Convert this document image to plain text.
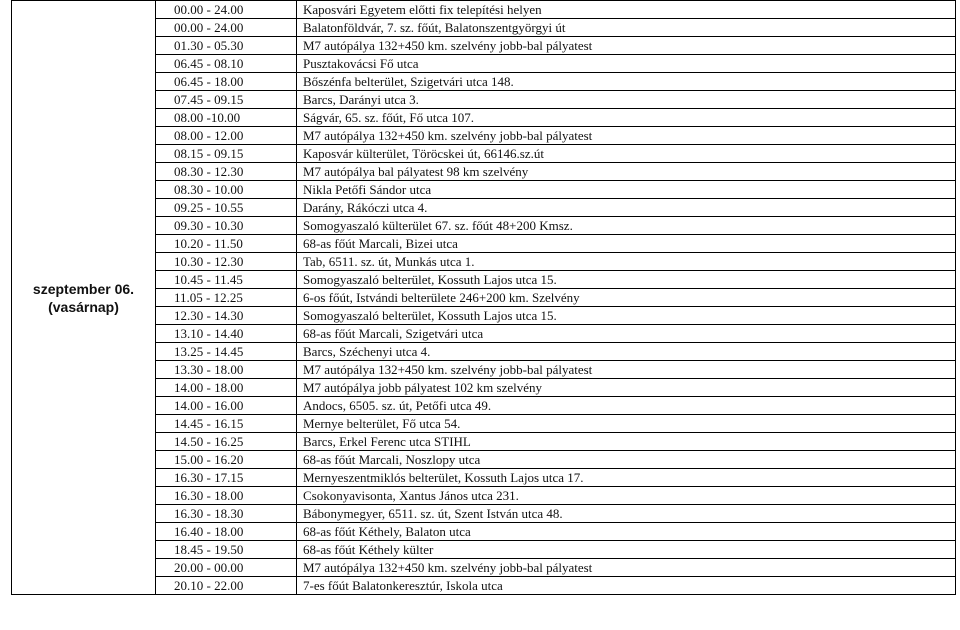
szeptember 06.
(vasárnap)	00.00 - 24.00	Kaposvári Egyetem előtti fix telepítési helyen
	00.00 - 24.00	Balatonföldvár, 7. sz. főút, Balatonszentgyörgyi út
	01.30 - 05.30	M7 autópálya 132+450 km. szelvény jobb-bal pályatest
	06.45 - 08.10	Pusztakovácsi Fő utca
	06.45 - 18.00	Bőszénfa belterület, Szigetvári utca 148.
	07.45 - 09.15	Barcs, Darányi utca 3.
	08.00 -10.00	Ságvár, 65. sz. főút, Fő utca 107.
	08.00 - 12.00	M7 autópálya 132+450 km. szelvény jobb-bal pályatest
	08.15 - 09.15	Kaposvár külterület, Töröcskei út, 66146.sz.út
	08.30 - 12.30	M7 autópálya bal pályatest 98 km szelvény
	08.30 - 10.00	Nikla Petőfi Sándor utca
	09.25 - 10.55	Darány, Rákóczi utca 4.
	09.30 - 10.30	Somogyaszaló külterület 67. sz. főút 48+200 Kmsz.
	10.20 - 11.50	68-as főút Marcali, Bizei utca
	10.30 - 12.30	Tab, 6511. sz. út, Munkás utca 1.
	10.45 - 11.45	Somogyaszaló belterület, Kossuth Lajos utca 15.
	11.05 - 12.25	6-os főút, Istvándi belterülete 246+200 km. Szelvény
	12.30 - 14.30	Somogyaszaló belterület, Kossuth Lajos utca 15.
	13.10 - 14.40	68-as főút Marcali, Szigetvári utca
	13.25 - 14.45	Barcs, Széchenyi utca 4.
	13.30 - 18.00	M7 autópálya 132+450 km. szelvény jobb-bal pályatest
	14.00 - 18.00	M7 autópálya jobb pályatest 102 km szelvény
	14.00 - 16.00	Andocs, 6505. sz. út, Petőfi utca 49.
	14.45 - 16.15	Mernye belterület, Fő utca 54.
	14.50 - 16.25	Barcs, Erkel Ferenc utca STIHL
	15.00 - 16.20	68-as főút Marcali, Noszlopy utca
	16.30 - 17.15	Mernyeszentmiklós belterület, Kossuth Lajos utca 17.
	16.30 - 18.00	Csokonyavisonta, Xantus János utca 231.
	16.30 - 18.30	Bábonymegyer, 6511. sz. út, Szent István utca 48.
	16.40 - 18.00	68-as főút Kéthely, Balaton utca
	18.45 - 19.50	68-as főút Kéthely külter
	20.00 - 00.00	M7 autópálya 132+450 km. szelvény jobb-bal pályatest
	20.10 - 22.00	7-es főút Balatonkeresztúr, Iskola utca
